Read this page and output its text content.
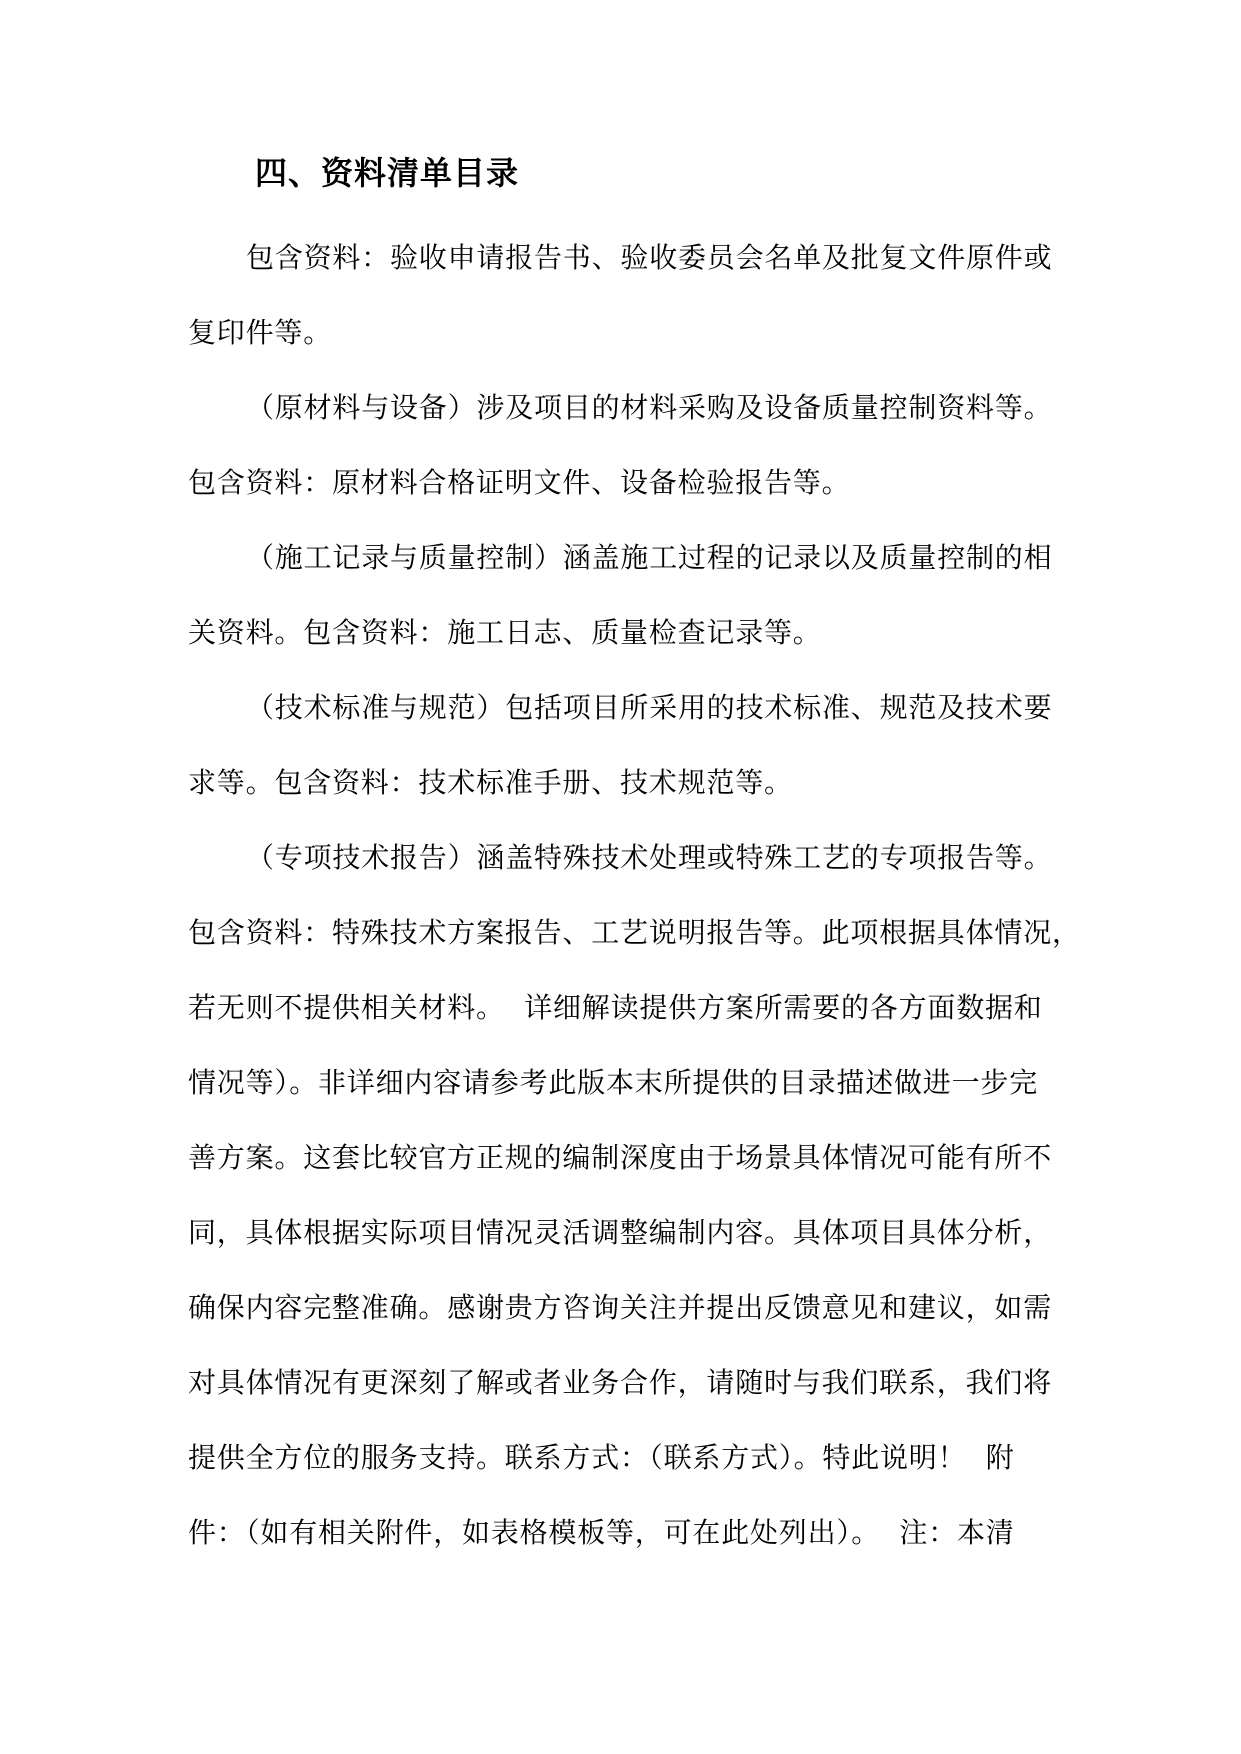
四、资料清单目录
包含资料：验收申请报告书、验收委员会名单及批复文件原件或
复印件等。
（原材料与设备）涉及项目的材料采购及设备质量控制资料等。
包含资料：原材料合格证明文件、设备检验报告等。
（施工记录与质量控制）涵盖施工过程的记录以及质量控制的相
关资料。包含资料：施工日志、质量检查记录等。
（技术标准与规范）包括项目所采用的技术标准、规范及技术要
求等。包含资料：技术标准手册、技术规范等。
（专项技术报告）涵盖特殊技术处理或特殊工艺的专项报告等。
包含资料：特殊技术方案报告、工艺说明报告等。此项根据具体情况，
若无则不提供相关材料。  详细解读提供方案所需要的各方面数据和
情况等）。非详细内容请参考此版本末所提供的目录描述做进一步完
善方案。这套比较官方正规的编制深度由于场景具体情况可能有所不
同，具体根据实际项目情况灵活调整编制内容。具体项目具体分析，
确保内容完整准确。感谢贵方咨询关注并提出反馈意见和建议，如需
对具体情况有更深刻了解或者业务合作，请随时与我们联系，我们将
提供全方位的服务支持。联系方式：（联系方式）。特此说明！  附
件：（如有相关附件，如表格模板等，可在此处列出）。  注：本清
